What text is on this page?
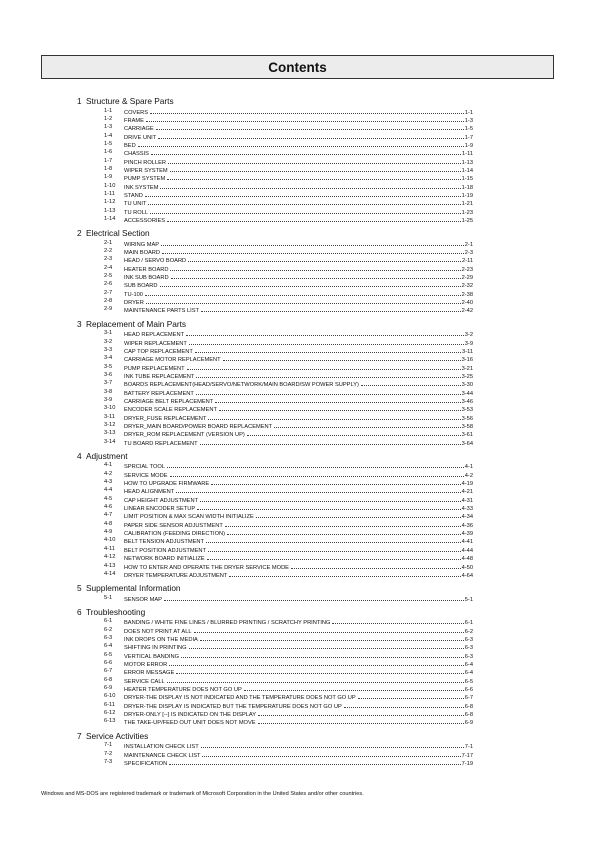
Contents
1 Structure & Spare Parts
1-1 COVERS	1-1
1-2 FRAME	1-3
1-3 CARRIAGE	1-5
1-4 DRIVE UNIT	1-7
1-5 BED	1-9
1-6 CHASSIS	1-11
1-7 PINCH ROLLER	1-13
1-8 WIPER SYSTEM	1-14
1-9 PUMP SYSTEM	1-15
1-10 INK SYSTEM	1-18
1-11 STAND	1-19
1-12 TU UNIT	1-21
1-13 TU ROLL	1-23
1-14 ACCESSORIES	1-25
2 Electrical Section
2-1 WIRING MAP	2-1
2-2 MAIN BOARD	2-3
2-3 HEAD / SERVO BOARD	2-11
2-4 HEATER BOARD	2-23
2-5 INK SUB BOARD	2-29
2-6 SUB BOARD	2-32
2-7 TU-100	2-38
2-8 DRYER	2-40
2-9 MAINTENANCE PARTS LIST	2-42
3 Replacement of Main Parts
3-1 HEAD REPLACEMENT	3-2
3-2 WIPER REPLACEMENT	3-9
3-3 CAP TOP REPLACEMENT	3-11
3-4 CARRIAGE MOTOR REPLACEMENT	3-16
3-5 PUMP REPLACEMENT	3-21
3-6 INK TUBE REPLACEMENT	3-25
3-7 BOARDS REPLACEMENT(HEAD/SERVO/NETWORK/MAIN BOARD/SW POWER SUPPLY)	3-30
3-8 BATTERY REPLACEMENT	3-44
3-9 CARRIAGE BELT REPLACEMENT	3-46
3-10 ENCODER SCALE REPLACEMENT	3-53
3-11 DRYER_FUSE REPLACEMENT	3-56
3-12 DRYER_MAIN BOARD/POWER BOARD REPLACEMENT	3-58
3-13 DRYER_ROM REPLACEMENT (VERSION UP)	3-61
3-14 TU BOARD REPLACEMENT	3-64
4 Adjustment
4-1 SPRCIAL TOOL	4-1
4-2 SERVICE MODE	4-2
4-3 HOW TO UPGRADE FIRMWARE	4-19
4-4 HEAD ALIGNMENT	4-21
4-5 CAP HEIGHT ADJUSTMENT	4-31
4-6 LINEAR ENCODER SETUP	4-33
4-7 LIMIT POSITION & MAX SCAN WIDTH INITIALIZE	4-34
4-8 PAPER SIDE SENSOR ADJUSTMENT	4-36
4-9 CALIBRATION (FEEDING DIRECTION)	4-39
4-10 BELT TENSION ADJUSTMENT	4-41
4-11 BELT POSITION ADJUSTMENT	4-44
4-12 NETWORK BOARD INITIALIZE	4-48
4-13 HOW TO ENTER AND OPERATE THE DRYER SERVICE MODE	4-50
4-14 DRYER TEMPERATURE ADJUSTMENT	4-64
5 Supplemental Information
5-1 SENSOR MAP	5-1
6 Troubleshooting
6-1 BANDING / WHITE FINE LINES / BLURRED PRINTING / SCRATCHY PRINTING	6-1
6-2 DOES NOT PRINT AT ALL	6-2
6-3 INK DROPS ON THE MEDIA	6-3
6-4 SHIFTING IN PRINTING	6-3
6-5 VERTICAL BANDING	6-3
6-6 MOTOR ERROR	6-4
6-7 ERROR MESSAGE	6-4
6-8 SERVICE CALL	6-5
6-9 HEATER TEMPERATURE DOES NOT GO UP	6-6
6-10 DRYER-THE DISPLAY IS NOT INDICATED AND THE TEMPERATURE DOES NOT GO UP	6-7
6-11 DRYER-THE DISPLAY IS INDICATED BUT THE TEMPERATURE DOES NOT GO UP	6-8
6-12 DRYER-ONLY [--] IS INDICATED ON THE DISPLAY	6-8
6-13 THE TAKE-UP/FEED OUT UNIT DOES NOT MOVE	6-9
7 Service Activities
7-1 INSTALLATION CHECK LIST	7-1
7-2 MAINTENANCE CHECK LIST	7-17
7-3 SPECIFICATION	7-19
Windows and MS-DOS are registered trademark or trademark of Microsoft Corporation in the United States and/or other countries.
